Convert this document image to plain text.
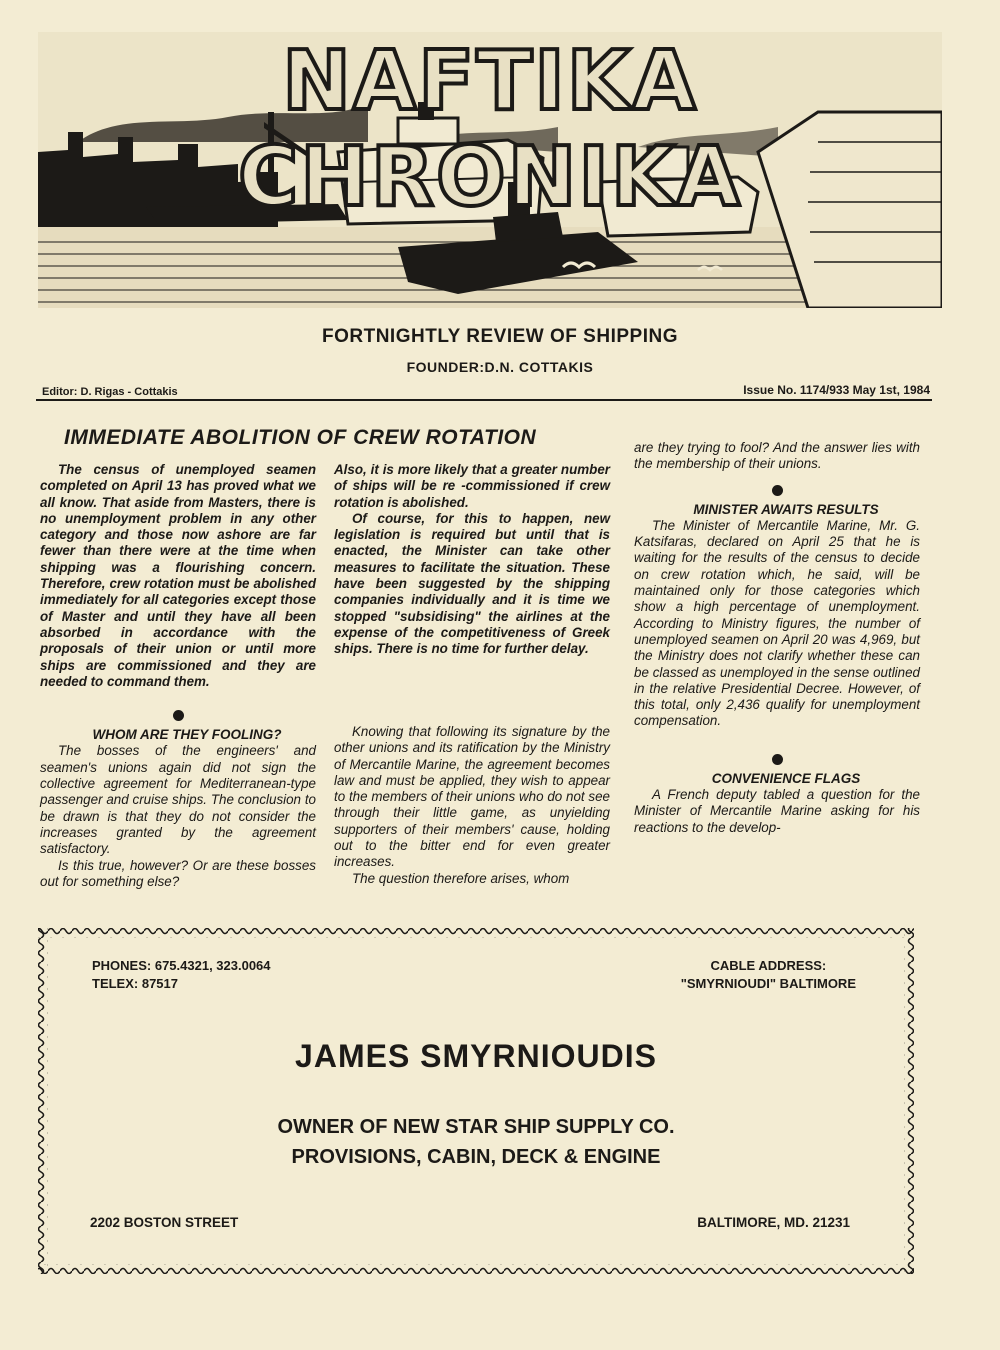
NAFTIKA CHRONIKA
FORTNIGHTLY REVIEW OF SHIPPING
FOUNDER:D.N. COTTAKIS
Editor: D. Rigas - Cottakis	Issue No. 1174/933 May 1st, 1984
IMMEDIATE ABOLITION OF CREW ROTATION

The census of unemployed seamen completed on April 13 has proved what we all know. That aside from Masters, there is no unemployment problem in any other category and those now ashore are far fewer than there were at the time when shipping was a flourishing concern. Therefore, crew rotation must be abolished immediately for all categories except those of Master and until they have all been absorbed in accordance with the proposals of their union or until more ships are commissioned and they are needed to command them.

WHOM ARE THEY FOOLING?

The bosses of the engineers' and seamen's unions again did not sign the collective agreement for Mediterranean-type passenger and cruise ships. The conclusion to be drawn is that they do not consider the increases granted by the agreement satisfactory.

Is this true, however? Or are these bosses out for something else?

Also, it is more likely that a greater number of ships will be re -commissioned if crew rotation is abolished.

Of course, for this to happen, new legislation is required but until that is enacted, the Minister can take other measures to facilitate the situation. These have been suggested by the shipping companies individually and it is time we stopped "subsidising" the airlines at the expense of the competitiveness of Greek ships. There is no time for further delay.

Knowing that following its signature by the other unions and its ratification by the Ministry of Mercantile Marine, the agreement becomes law and must be applied, they wish to appear to the members of their unions who do not see through their little game, as unyielding supporters of their members' cause, holding out to the bitter end for even greater increases.

The question therefore arises, whom

are they trying to fool? And the answer lies with the membership of their unions.

MINISTER AWAITS RESULTS

The Minister of Mercantile Marine, Mr. G. Katsifaras, declared on April 25 that he is waiting for the results of the census to decide on crew rotation which, he said, will be maintained only for those categories which show a high percentage of unemployment. According to Ministry figures, the number of unemployed seamen on April 20 was 4,969, but the Ministry does not clarify whether these can be classed as unemployed in the sense outlined in the relative Presidential Decree. However, of this total, only 2,436 qualify for unemployment compensation.

CONVENIENCE FLAGS

A French deputy tabled a question for the Minister of Mercantile Marine asking for his reactions to the develop-

PHONES: 675.4321, 323.0064
TELEX: 87517
CABLE ADDRESS:
"SMYRNIOUDI" BALTIMORE
JAMES SMYRNIOUDIS
OWNER OF NEW STAR SHIP SUPPLY CO.
PROVISIONS, CABIN, DECK & ENGINE
2202 BOSTON STREET	BALTIMORE, MD. 21231
